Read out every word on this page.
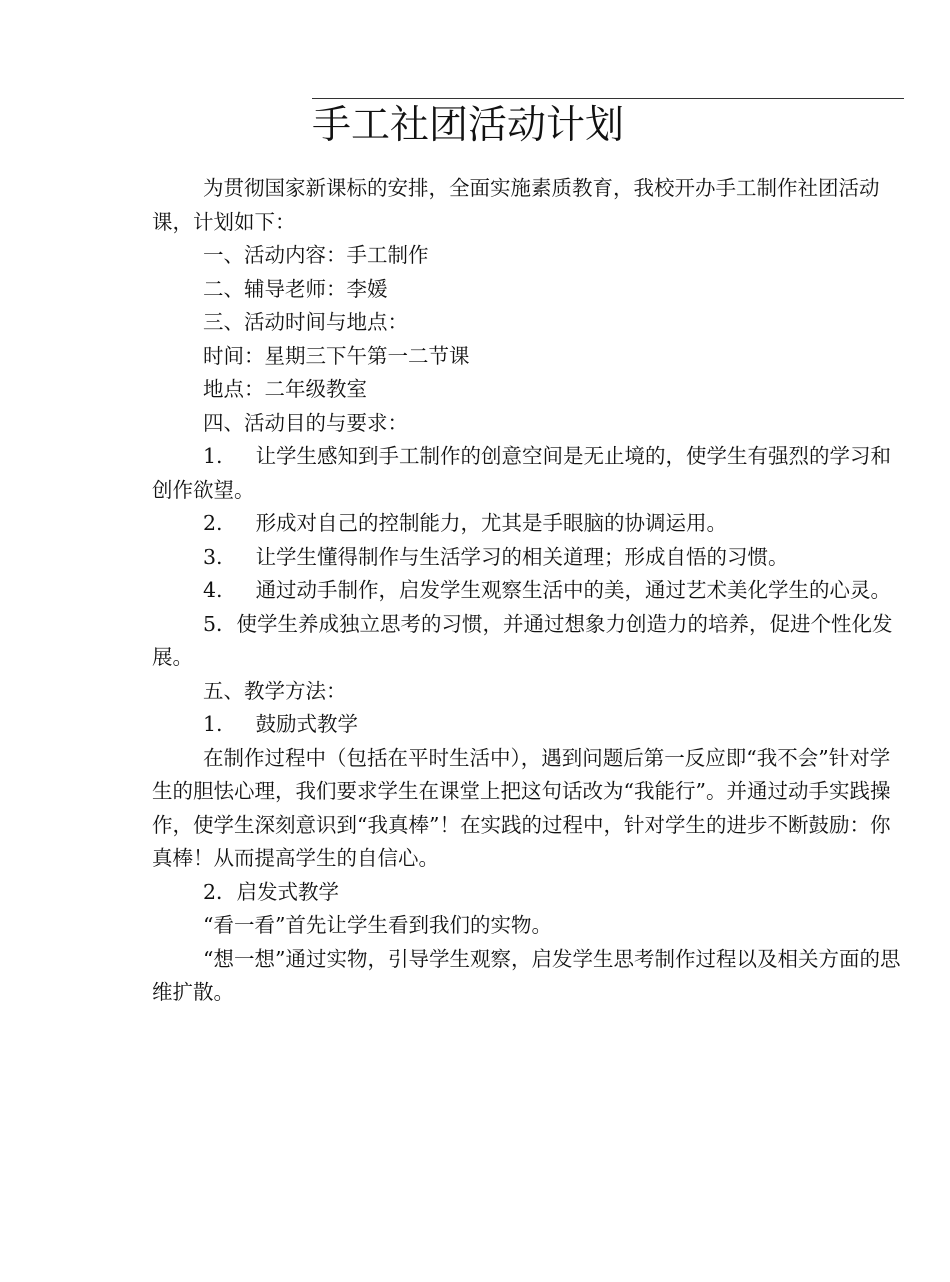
手工社团活动计划

为贯彻国家新课标的安排，全面实施素质教育，我校开办手工制作社团活动课，计划如下：

一、活动内容：手工制作

二、辅导老师：李媛

三、活动时间与地点：

时间：星期三下午第一二节课

地点：二年级教室

四、活动目的与要求：

1. 让学生感知到手工制作的创意空间是无止境的，使学生有强烈的学习和创作欲望。

2. 形成对自己的控制能力，尤其是手眼脑的协调运用。

3. 让学生懂得制作与生活学习的相关道理；形成自悟的习惯。

4. 通过动手制作，启发学生观察生活中的美，通过艺术美化学生的心灵。

5．使学生养成独立思考的习惯，并通过想象力创造力的培养，促进个性化发展。

五、教学方法：

1. 鼓励式教学

在制作过程中（包括在平时生活中），遇到问题后第一反应即“我不会”针对学生的胆怯心理，我们要求学生在课堂上把这句话改为“我能行”。并通过动手实践操作，使学生深刻意识到“我真棒”！在实践的过程中，针对学生的进步不断鼓励：你真棒！从而提高学生的自信心。

2．启发式教学

“看一看”首先让学生看到我们的实物。

“想一想”通过实物，引导学生观察，启发学生思考制作过程以及相关方面的思维扩散。
